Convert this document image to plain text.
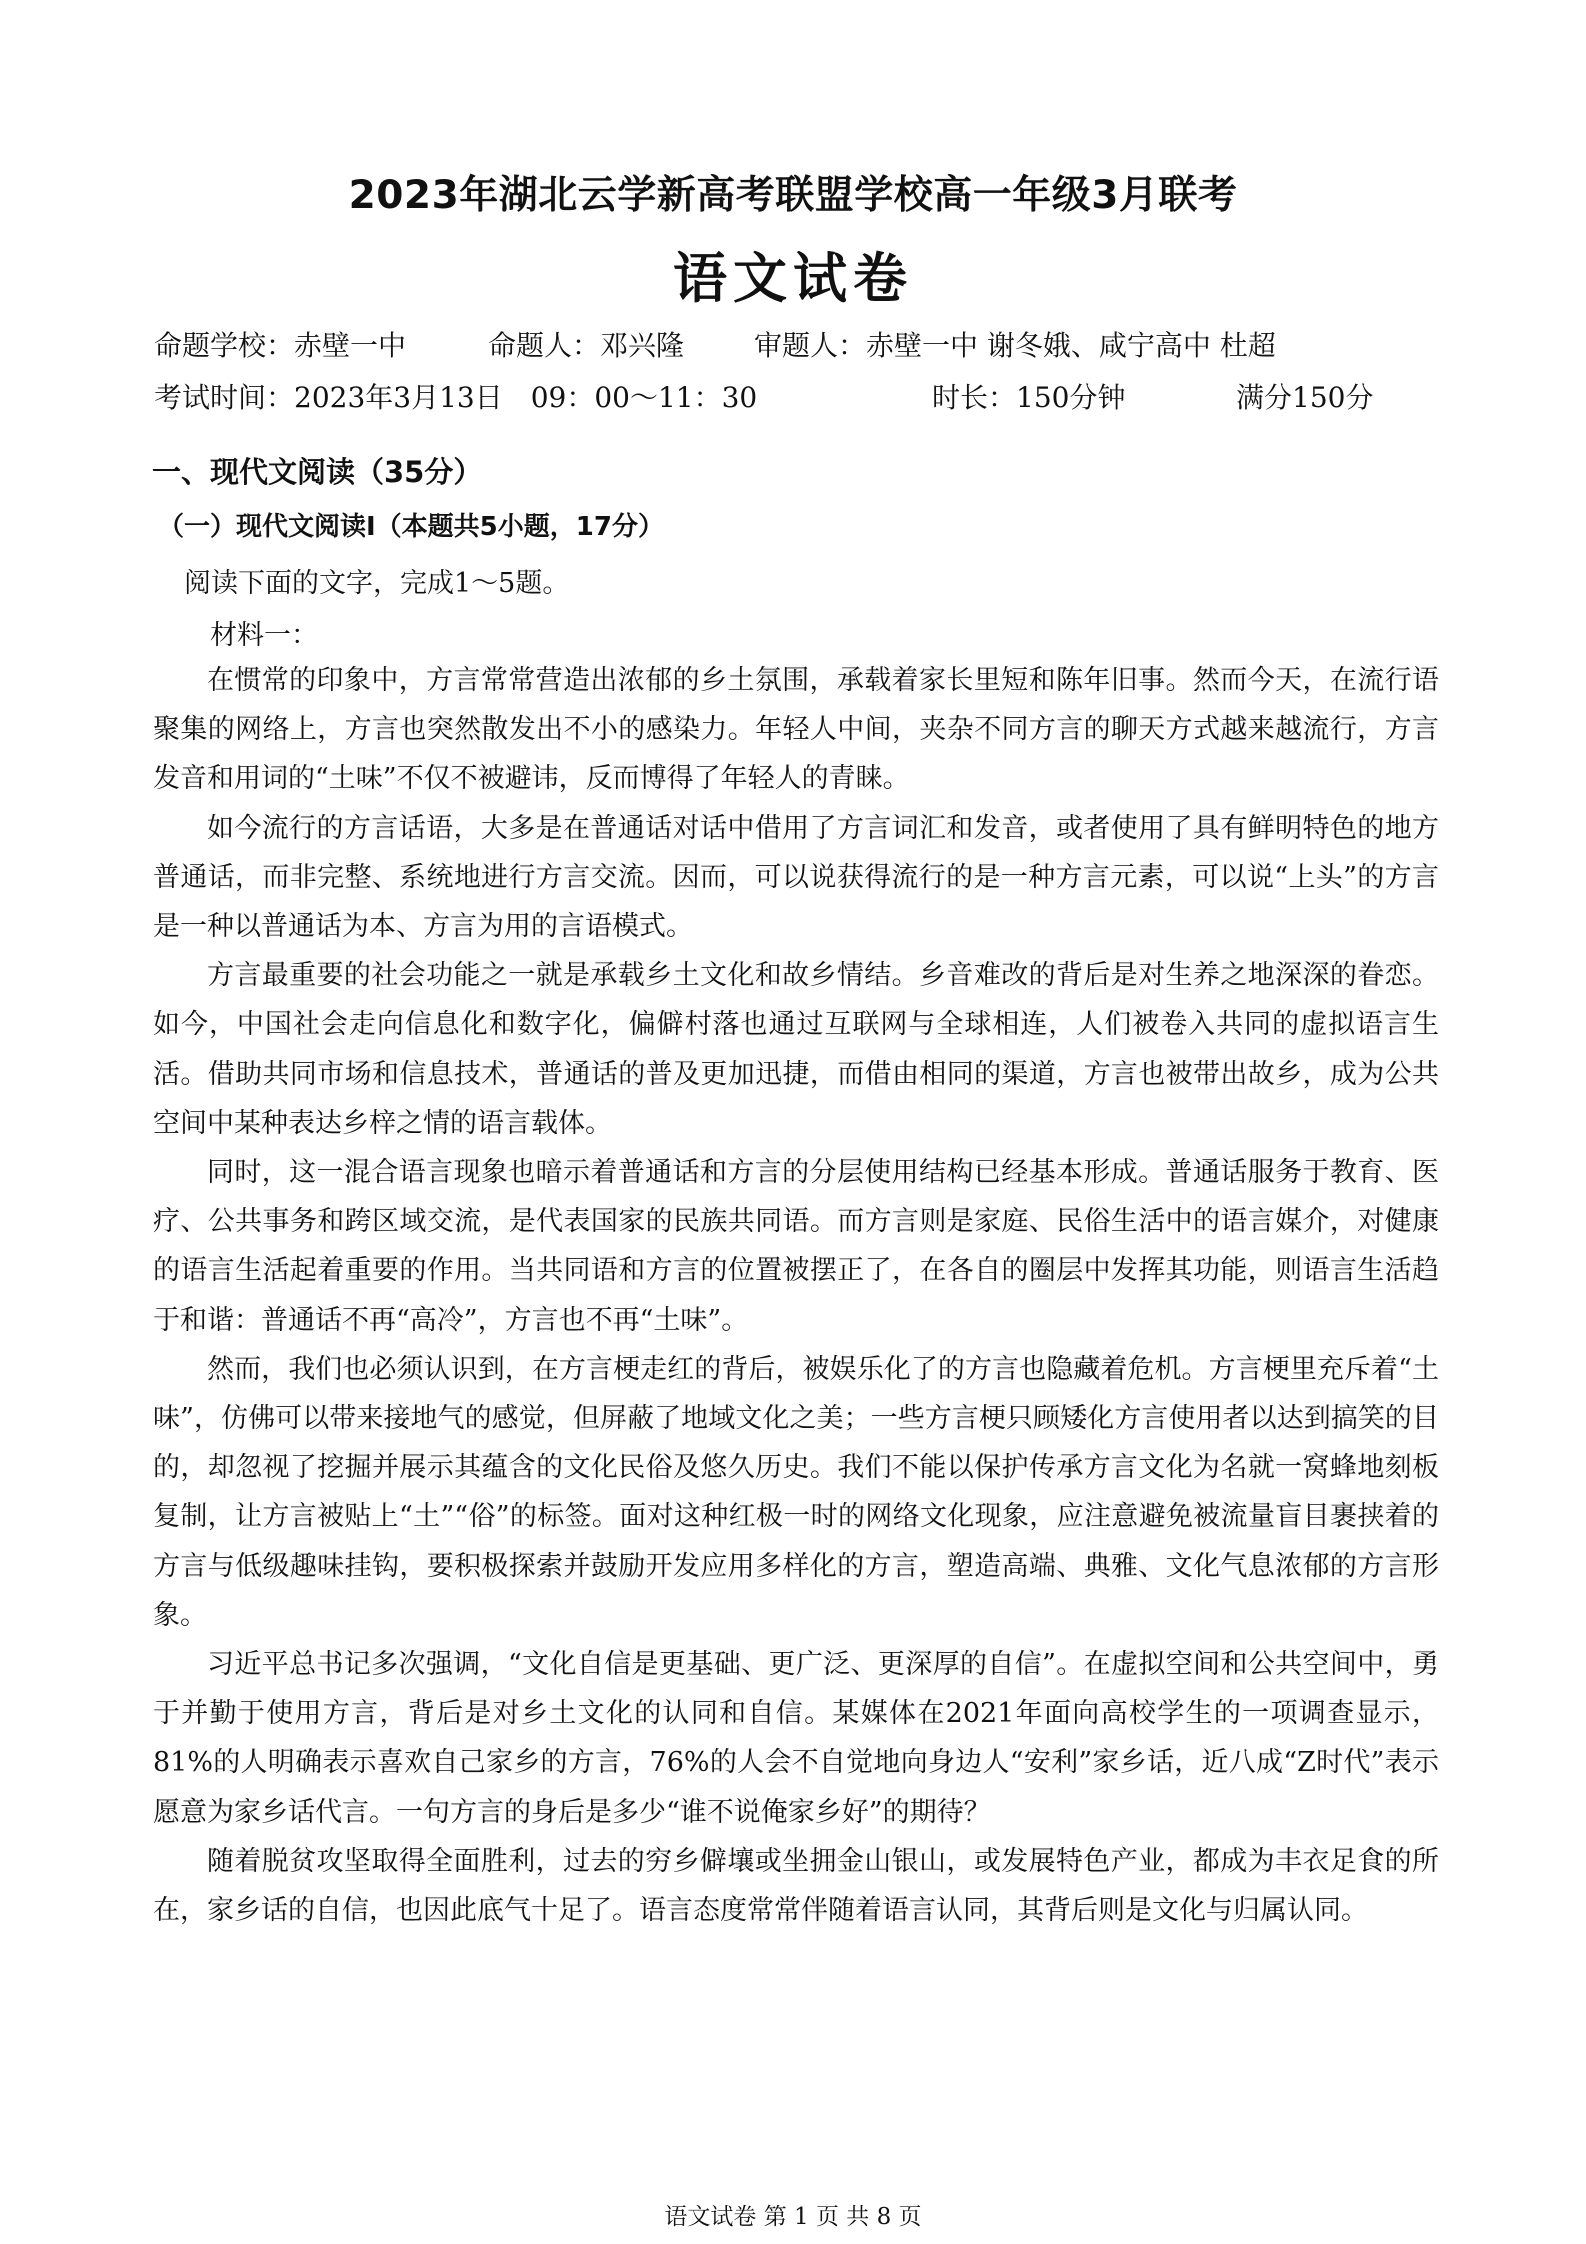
2023年湖北云学新高考联盟学校高一年级3月联考
语文试卷
命题学校：赤壁一中	命题人：邓兴隆 审题人：赤壁一中 谢冬娥、咸宁高中 杜超
考试时间：2023年3月13日　09：00～11：30	时长：150分钟	满分150分
一、现代文阅读（35分）
（一）现代文阅读Ⅰ（本题共5小题，17分）
阅读下面的文字，完成1～5题。
材料一：

在惯常的印象中，方言常常营造出浓郁的乡土氛围，承载着家长里短和陈年旧事。然而今天，在流行语聚集的网络上，方言也突然散发出不小的感染力。年轻人中间，夹杂不同方言的聊天方式越来越流行，方言发音和用词的“土味”不仅不被避讳，反而博得了年轻人的青睐。

如今流行的方言话语，大多是在普通话对话中借用了方言词汇和发音，或者使用了具有鲜明特色的地方普通话，而非完整、系统地进行方言交流。因而，可以说获得流行的是一种方言元素，可以说“上头”的方言是一种以普通话为本、方言为用的言语模式。

方言最重要的社会功能之一就是承载乡土文化和故乡情结。乡音难改的背后是对生养之地深深的眷恋。如今，中国社会走向信息化和数字化，偏僻村落也通过互联网与全球相连，人们被卷入共同的虚拟语言生活。借助共同市场和信息技术，普通话的普及更加迅捷，而借由相同的渠道，方言也被带出故乡，成为公共空间中某种表达乡梓之情的语言载体。

同时，这一混合语言现象也暗示着普通话和方言的分层使用结构已经基本形成。普通话服务于教育、医疗、公共事务和跨区域交流，是代表国家的民族共同语。而方言则是家庭、民俗生活中的语言媒介，对健康的语言生活起着重要的作用。当共同语和方言的位置被摆正了，在各自的圈层中发挥其功能，则语言生活趋于和谐：普通话不再“高冷”，方言也不再“土味”。

然而，我们也必须认识到，在方言梗走红的背后，被娱乐化了的方言也隐藏着危机。方言梗里充斥着“土味”，仿佛可以带来接地气的感觉，但屏蔽了地域文化之美；一些方言梗只顾矮化方言使用者以达到搞笑的目的，却忽视了挖掘并展示其蕴含的文化民俗及悠久历史。我们不能以保护传承方言文化为名就一窝蜂地刻板复制，让方言被贴上“土”“俗”的标签。面对这种红极一时的网络文化现象，应注意避免被流量盲目裹挟着的方言与低级趣味挂钩，要积极探索并鼓励开发应用多样化的方言，塑造高端、典雅、文化气息浓郁的方言形象。

习近平总书记多次强调，“文化自信是更基础、更广泛、更深厚的自信”。在虚拟空间和公共空间中，勇于并勤于使用方言，背后是对乡土文化的认同和自信。某媒体在2021年面向高校学生的一项调查显示，81%的人明确表示喜欢自己家乡的方言，76%的人会不自觉地向身边人“安利”家乡话，近八成“Z时代”表示愿意为家乡话代言。一句方言的身后是多少“谁不说俺家乡好”的期待？

随着脱贫攻坚取得全面胜利，过去的穷乡僻壤或坐拥金山银山，或发展特色产业，都成为丰衣足食的所在，家乡话的自信，也因此底气十足了。语言态度常常伴随着语言认同，其背后则是文化与归属认同。

语文试卷 第 1 页 共 8 页
